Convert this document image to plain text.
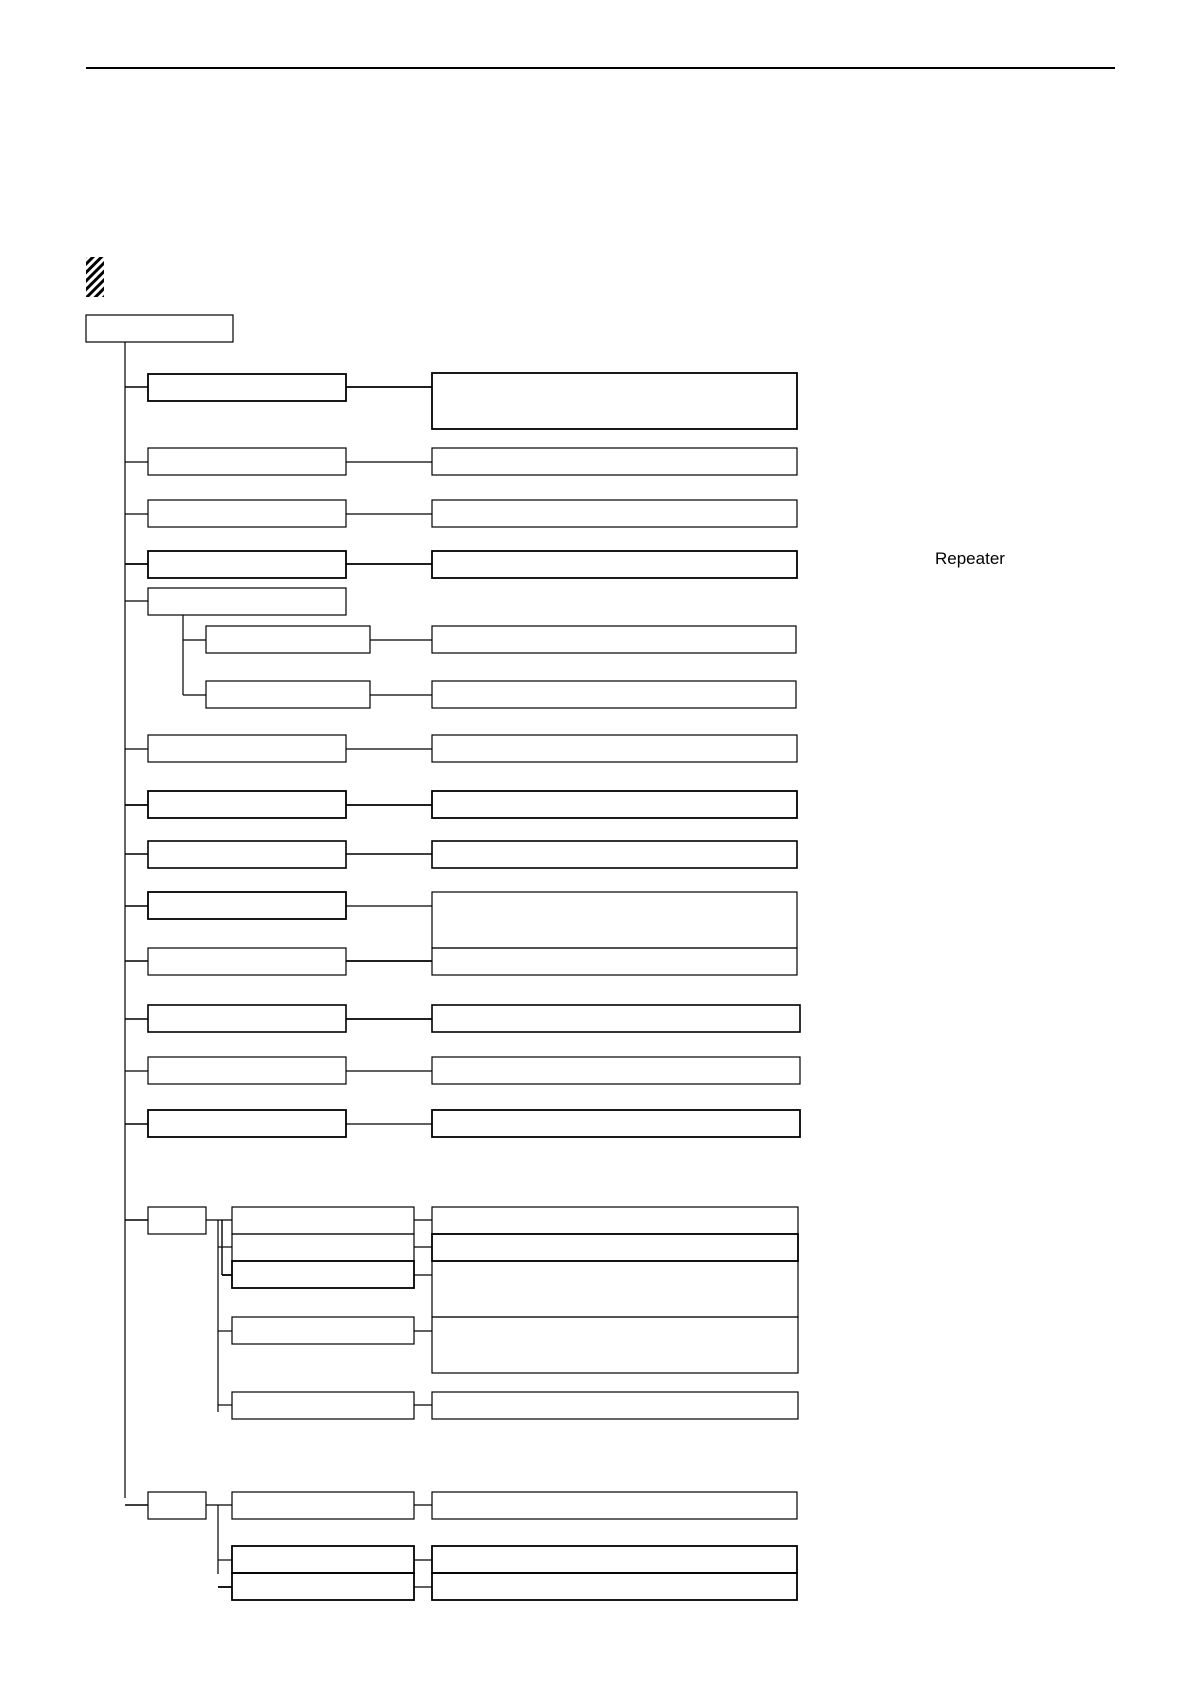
Repeater
